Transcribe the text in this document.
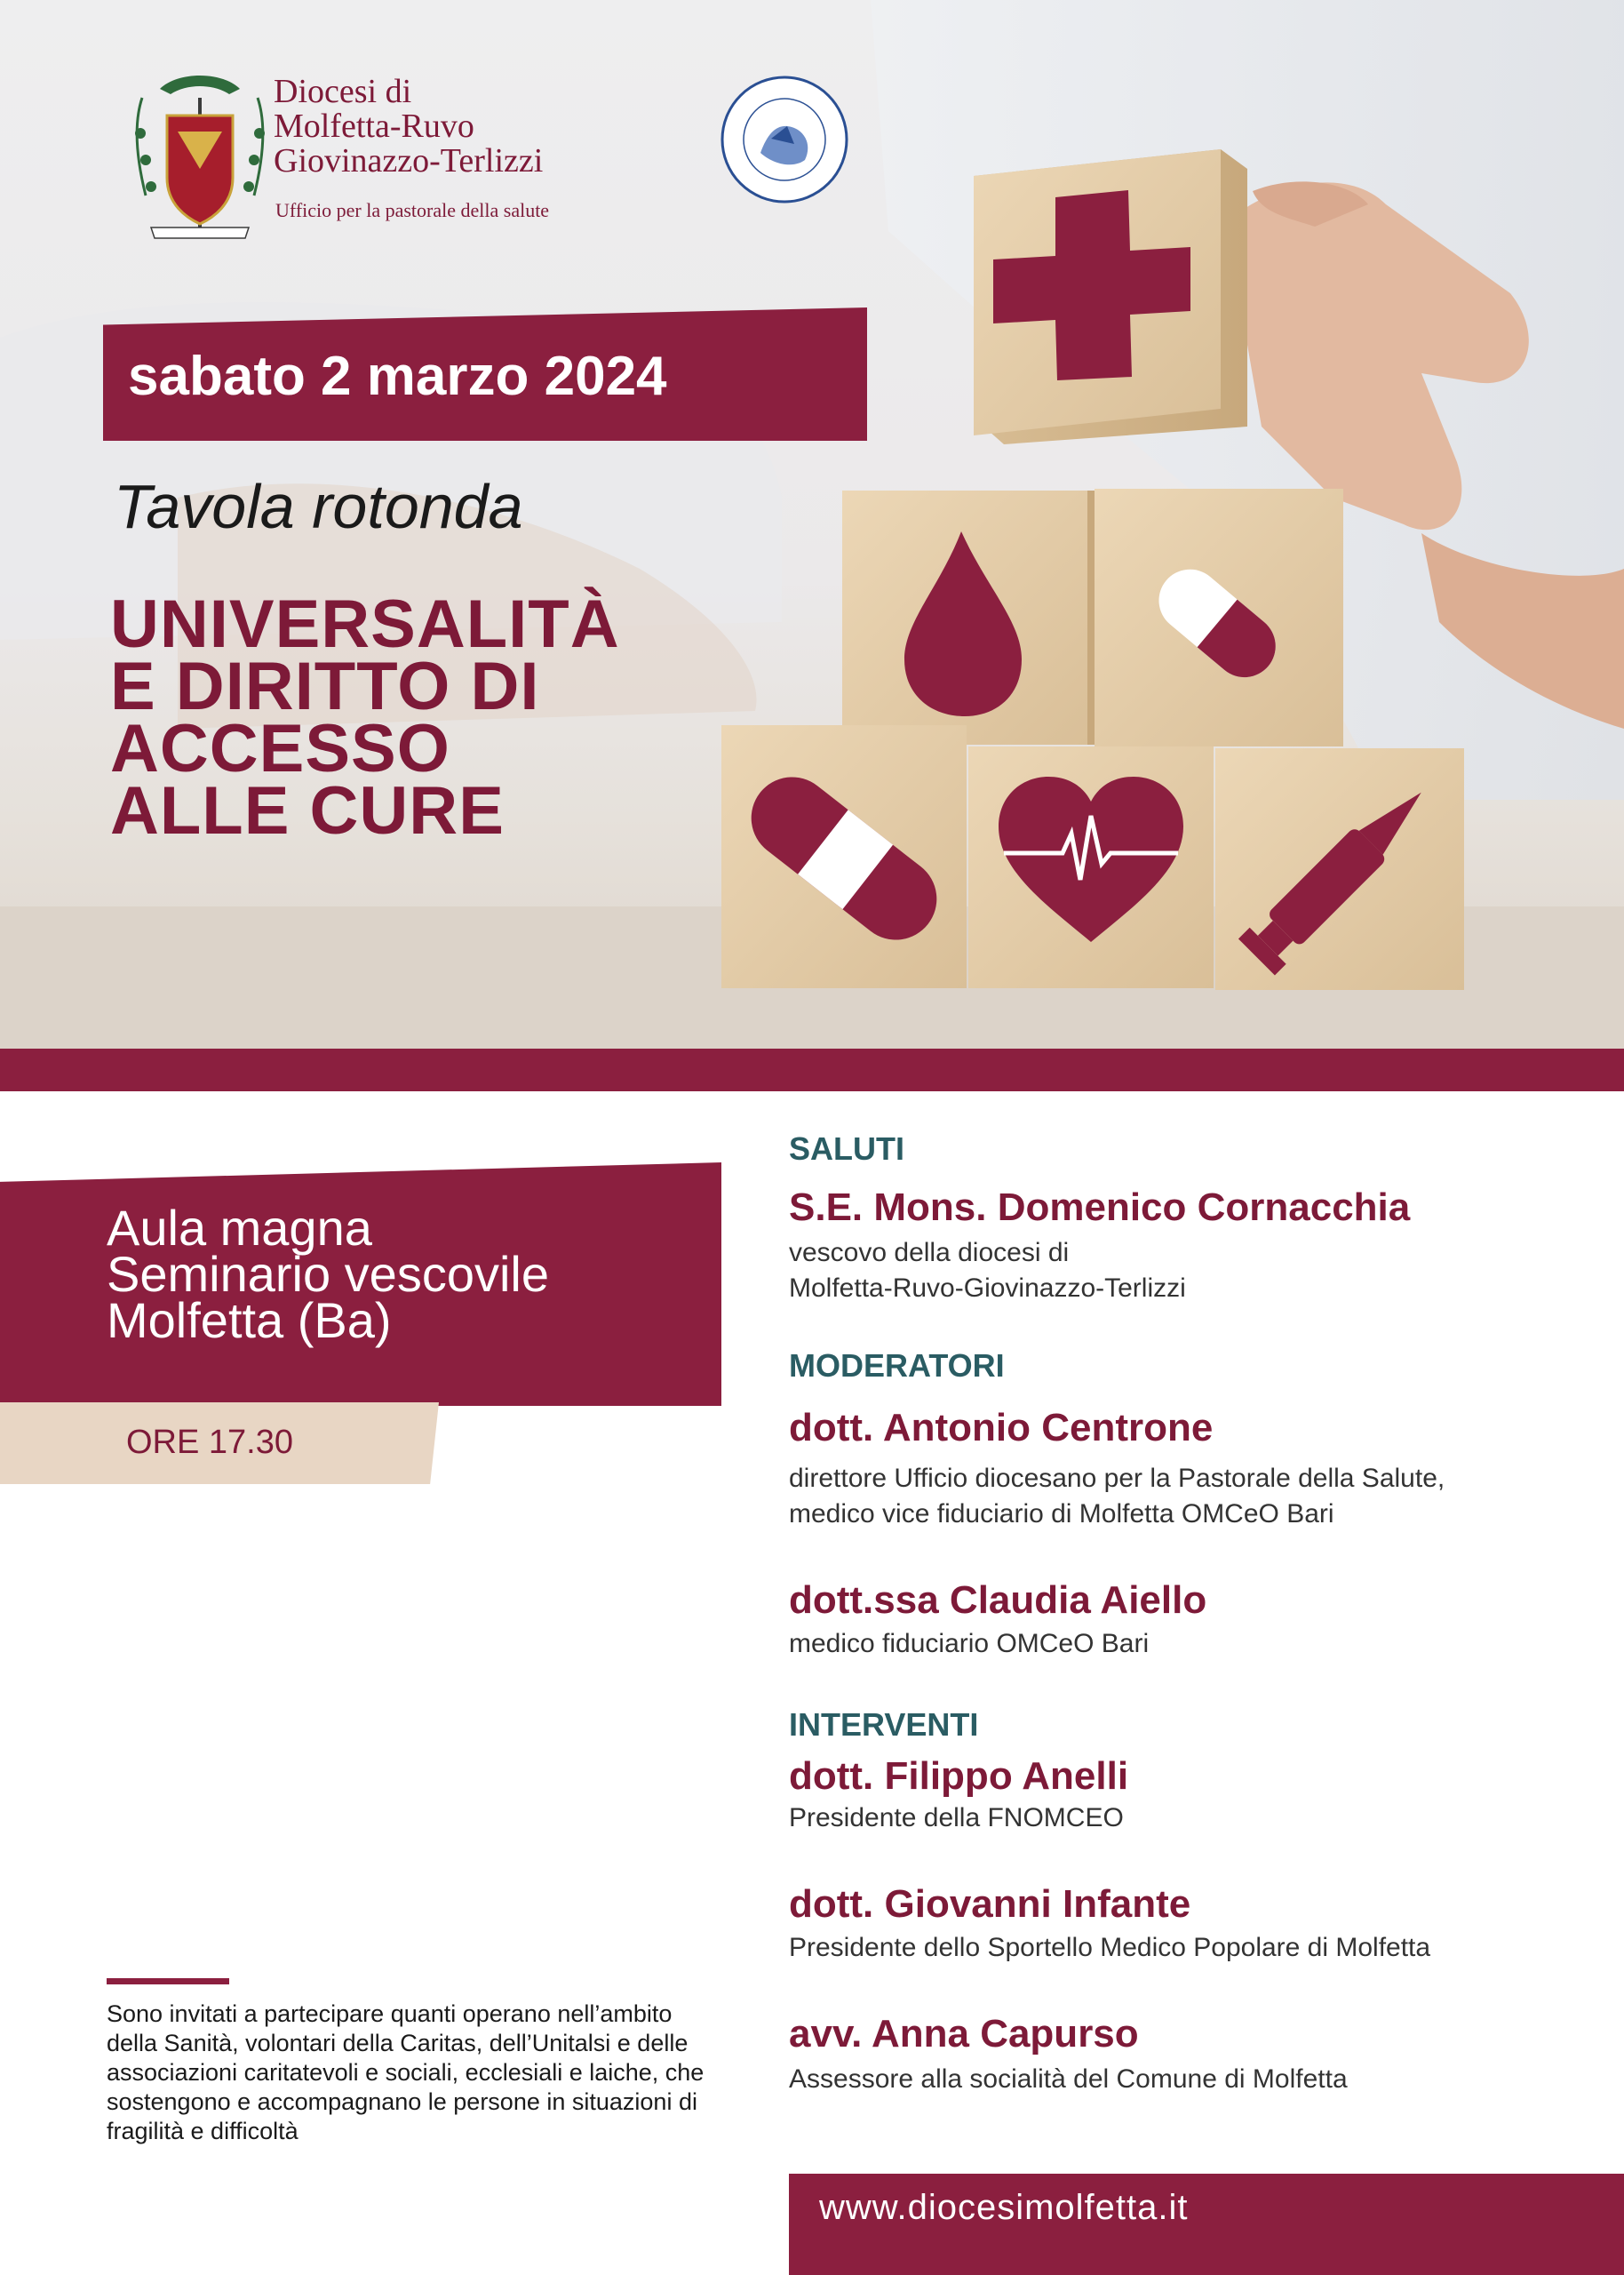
Diocesi di
Molfetta-Ruvo
Giovinazzo-Terlizzi
Ufficio per la pastorale della salute
sabato 2 marzo 2024
Tavola rotonda
UNIVERSALITÀ
E DIRITTO DI
ACCESSO
ALLE CURE
Aula magna
Seminario vescovile
Molfetta (Ba)
ORE 17.30
SALUTI
S.E. Mons. Domenico Cornacchia
vescovo della diocesi di
Molfetta-Ruvo-Giovinazzo-Terlizzi
MODERATORI
dott. Antonio Centrone
direttore Ufficio diocesano per la Pastorale della Salute,
medico vice fiduciario di Molfetta OMCeO Bari
dott.ssa Claudia Aiello
medico fiduciario OMCeO Bari
INTERVENTI
dott. Filippo Anelli
Presidente della FNOMCEO
dott. Giovanni Infante
Presidente dello Sportello Medico Popolare di Molfetta
avv. Anna Capurso
Assessore alla socialità del Comune di Molfetta
Sono invitati a partecipare quanti operano nell’ambito della Sanità, volontari della Caritas, dell’Unitalsi e delle associazioni caritatevoli e sociali, ecclesiali e laiche, che sostengono e accompagnano le persone in situazioni di fragilità e difficoltà
www.diocesimolfetta.it
